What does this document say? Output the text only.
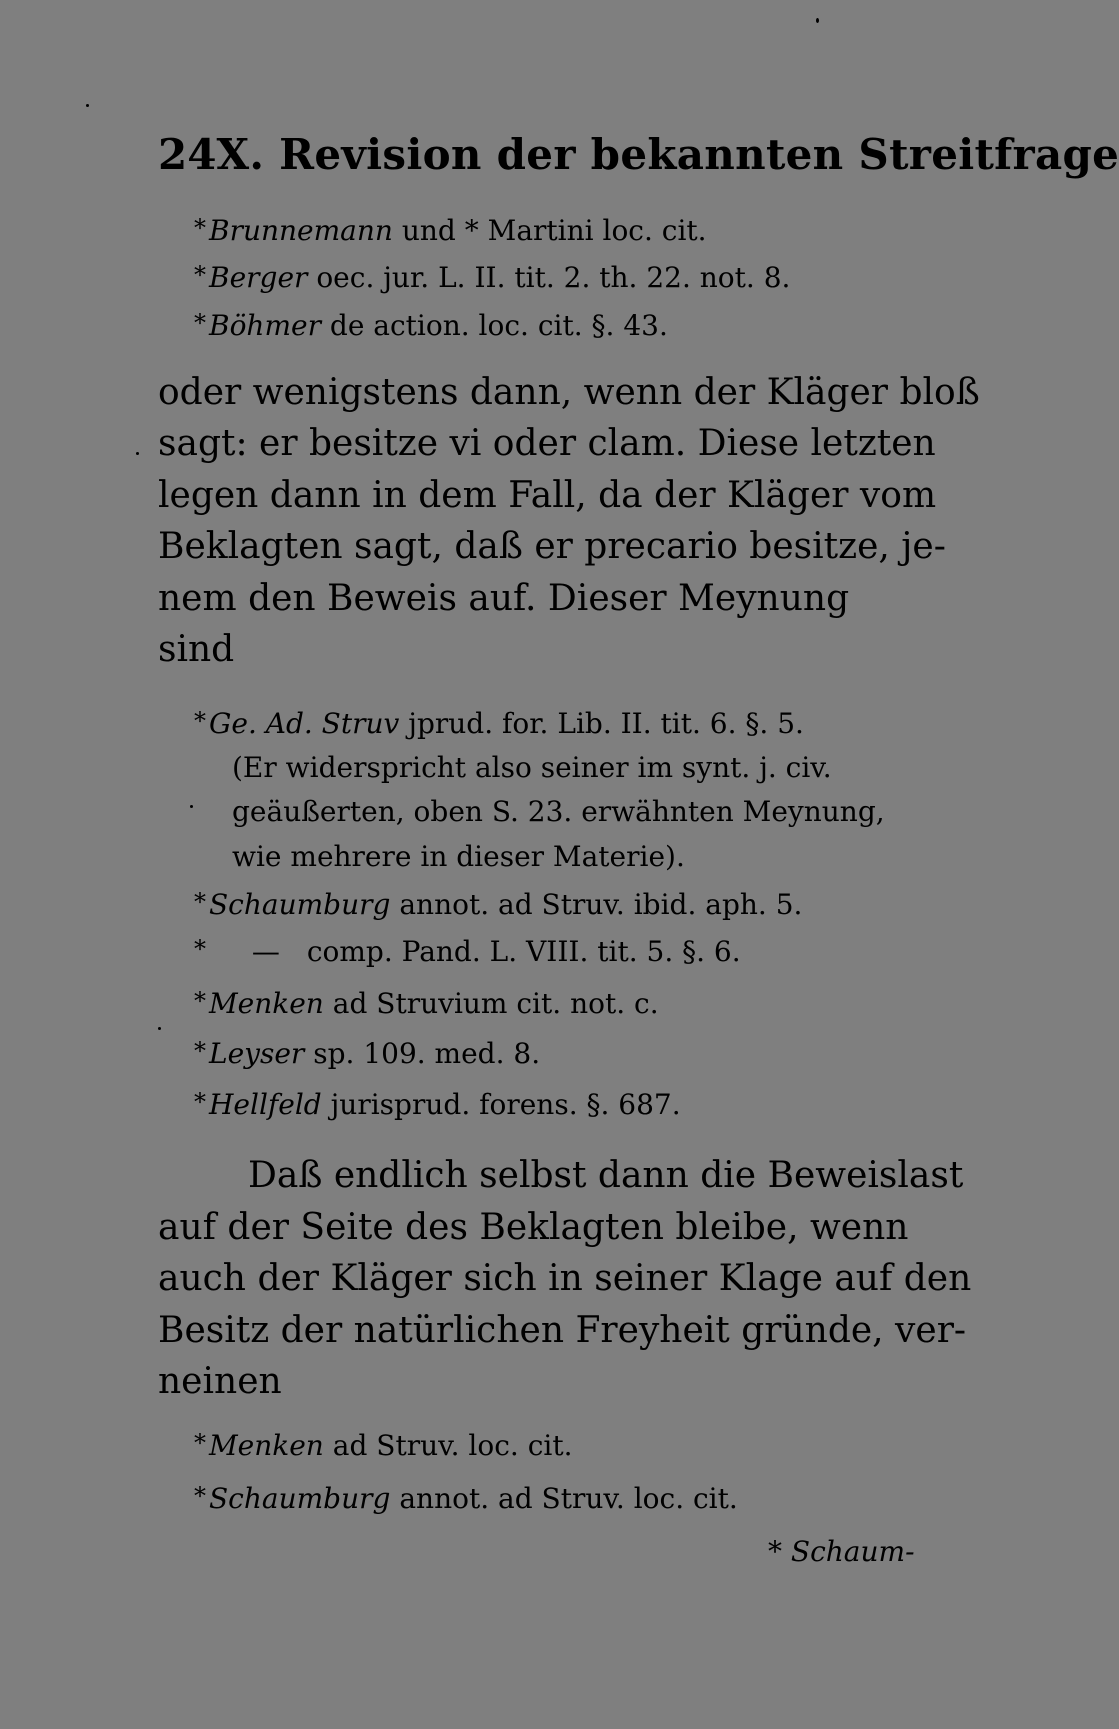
24 X. Revision der bekannten Streitfrage
* Brunnemann und * Martini loc. cit.
* Berger oec. jur. L. II. tit. 2. th. 22. not. 8.
* Böhmer de action. loc. cit. §. 43.
oder wenigstens dann, wenn der Kläger bloß
sagt: er besitze vi oder clam. Diese letzten
legen dann in dem Fall, da der Kläger vom
Beklagten sagt, daß er precario besitze, je-
nem den Beweis auf. Dieser Meynung
sind
* Ge. Ad. Struv jprud. for. Lib. II. tit. 6. §. 5.
(Er widerspricht also seiner im synt. j. civ.
geäußerten, oben S. 23. erwähnten Meynung,
wie mehrere in dieser Materie).
* Schaumburg annot. ad Struv. ibid. aph. 5.
* — comp. Pand. L. VIII. tit. 5. §. 6.
* Menken ad Struvium cit. not. c.
* Leyser sp. 109. med. 8.
* Hellfeld jurisprud. forens. §. 687.
Daß endlich selbst dann die Beweislast
auf der Seite des Beklagten bleibe, wenn
auch der Kläger sich in seiner Klage auf den
Besitz der natürlichen Freyheit gründe, ver-
neinen
* Menken ad Struv. loc. cit.
* Schaumburg annot. ad Struv. loc. cit.
* Schaum-
